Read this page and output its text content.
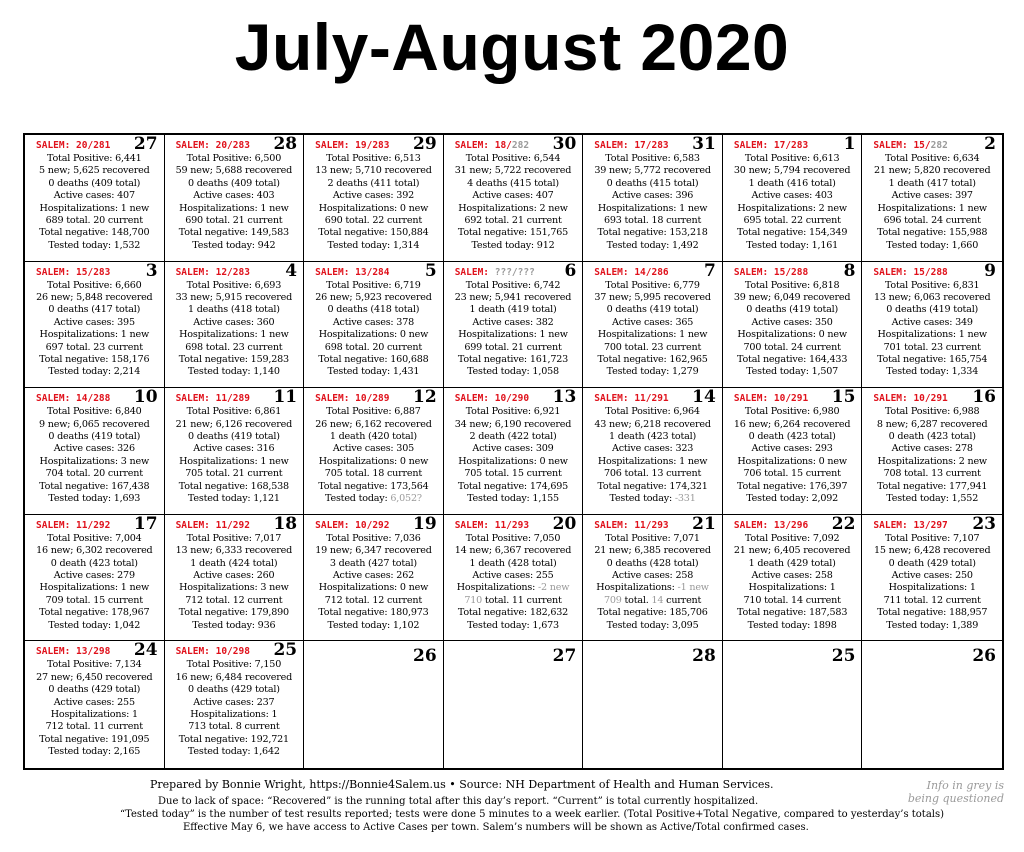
July-August 2020
SALEM: 20/281 27
Total Positive: 6,441
5 new; 5,625 recovered
0 deaths (409 total)
Active cases: 407
Hospitalizations: 1 new
689 total. 20 current
Total negative: 148,700
Tested today: 1,532
SALEM: 20/283 28
Total Positive: 6,500
59 new; 5,688 recovered
0 deaths (409 total)
Active cases: 403
Hospitalizations: 1 new
690 total. 21 current
Total negative: 149,583
Tested today: 942
SALEM: 19/283 29
Total Positive: 6,513
13 new; 5,710 recovered
2 deaths (411 total)
Active cases: 392
Hospitalizations: 0 new
690 total. 22 current
Total negative: 150,884
Tested today: 1,314
SALEM: 18/282 30
Total Positive: 6,544
31 new; 5,722 recovered
4 deaths (415 total)
Active cases: 407
Hospitalizations: 2 new
692 total. 21 current
Total negative: 151,765
Tested today: 912
SALEM: 17/283 31
Total Positive: 6,583
39 new; 5,772 recovered
0 deaths (415 total)
Active cases: 396
Hospitalizations: 1 new
693 total. 18 current
Total negative: 153,218
Tested today: 1,492
SALEM: 17/283 1
Total Positive: 6,613
30 new; 5,794 recovered
1 death (416 total)
Active cases: 403
Hospitalizations: 2 new
695 total. 22 current
Total negative: 154,349
Tested today: 1,161
SALEM: 15/282 2
Total Positive: 6,634
21 new; 5,820 recovered
1 death (417 total)
Active cases: 397
Hospitalizations: 1 new
696 total. 24 current
Total negative: 155,988
Tested today: 1,660
SALEM: 15/283 3
Total Positive: 6,660
26 new; 5,848 recovered
0 deaths (417 total)
Active cases: 395
Hospitalizations: 1 new
697 total. 23 current
Total negative: 158,176
Tested today: 2,214
SALEM: 12/283 4
Total Positive: 6,693
33 new; 5,915 recovered
1 deaths (418 total)
Active cases: 360
Hospitalizations: 1 new
698 total. 23 current
Total negative: 159,283
Tested today: 1,140
SALEM: 13/284 5
Total Positive: 6,719
26 new; 5,923 recovered
0 deaths (418 total)
Active cases: 378
Hospitalizations: 0 new
698 total. 20 current
Total negative: 160,688
Tested today: 1,431
SALEM: ???/??? 6
Total Positive: 6,742
23 new; 5,941 recovered
1 death (419 total)
Active cases: 382
Hospitalizations: 1 new
699 total. 21 current
Total negative: 161,723
Tested today: 1,058
SALEM: 14/286 7
Total Positive: 6,779
37 new; 5,995 recovered
0 deaths (419 total)
Active cases: 365
Hospitalizations: 1 new
700 total. 23 current
Total negative: 162,965
Tested today: 1,279
SALEM: 15/288 8
Total Positive: 6,818
39 new; 6,049 recovered
0 deaths (419 total)
Active cases: 350
Hospitalizations: 0 new
700 total. 24 current
Total negative: 164,433
Tested today: 1,507
SALEM: 15/288 9
Total Positive: 6,831
13 new; 6,063 recovered
0 deaths (419 total)
Active cases: 349
Hospitalizations: 1 new
701 total. 23 current
Total negative: 165,754
Tested today: 1,334
SALEM: 14/288 10
Total Positive: 6,840
9 new; 6,065 recovered
0 deaths (419 total)
Active cases: 326
Hospitalizations: 3 new
704 total. 20 current
Total negative: 167,438
Tested today: 1,693
SALEM: 11/289 11
Total Positive: 6,861
21 new; 6,126 recovered
0 deaths (419 total)
Active cases: 316
Hospitalizations: 1 new
705 total. 21 current
Total negative: 168,538
Tested today: 1,121
SALEM: 10/289 12
Total Positive: 6,887
26 new; 6,162 recovered
1 death (420 total)
Active cases: 305
Hospitalizations: 0 new
705 total. 18 current
Total negative: 173,564
Tested today: 6,052?
SALEM: 10/290 13
Total Positive: 6,921
34 new; 6,190 recovered
2 death (422 total)
Active cases: 309
Hospitalizations: 0 new
705 total. 15 current
Total negative: 174,695
Tested today: 1,155
SALEM: 11/291 14
Total Positive: 6,964
43 new; 6,218 recovered
1 death (423 total)
Active cases: 323
Hospitalizations: 1 new
706 total. 13 current
Total negative: 174,321
Tested today: -331
SALEM: 10/291 15
Total Positive: 6,980
16 new; 6,264 recovered
0 death (423 total)
Active cases: 293
Hospitalizations: 0 new
706 total. 15 current
Total negative: 176,397
Tested today: 2,092
SALEM: 10/291 16
Total Positive: 6,988
8 new; 6,287 recovered
0 death (423 total)
Active cases: 278
Hospitalizations: 2 new
708 total. 13 current
Total negative: 177,941
Tested today: 1,552
SALEM: 11/292 17
Total Positive: 7,004
16 new; 6,302 recovered
0 death (423 total)
Active cases: 279
Hospitalizations: 1 new
709 total. 15 current
Total negative: 178,967
Tested today: 1,042
SALEM: 11/292 18
Total Positive: 7,017
13 new; 6,333 recovered
1 death (424 total)
Active cases: 260
Hospitalizations: 3 new
712 total. 12 current
Total negative: 179,890
Tested today: 936
SALEM: 10/292 19
Total Positive: 7,036
19 new; 6,347 recovered
3 death (427 total)
Active cases: 262
Hospitalizations: 0 new
712 total. 12 current
Total negative: 180,973
Tested today: 1,102
SALEM: 11/293 20
Total Positive: 7,050
14 new; 6,367 recovered
1 death (428 total)
Active cases: 255
Hospitalizations: -2 new
710 total. 11 current
Total negative: 182,632
Tested today: 1,673
SALEM: 11/293 21
Total Positive: 7,071
21 new; 6,385 recovered
0 deaths (428 total)
Active cases: 258
Hospitalizations: -1 new
709 total. 14 current
Total negative: 185,706
Tested today: 3,095
SALEM: 13/296 22
Total Positive: 7,092
21 new; 6,405 recovered
1 death (429 total)
Active cases: 258
Hospitalizations: 1
710 total. 14 current
Total negative: 187,583
Tested today: 1898
SALEM: 13/297 23
Total Positive: 7,107
15 new; 6,428 recovered
0 death (429 total)
Active cases: 250
Hospitalizations: 1
711 total. 12 current
Total negative: 188,957
Tested today: 1,389
SALEM: 13/298 24
Total Positive: 7,134
27 new; 6,450 recovered
0 deaths (429 total)
Active cases: 255
Hospitalizations: 1
712 total. 11 current
Total negative: 191,095
Tested today: 2,165
SALEM: 10/298 25
Total Positive: 7,150
16 new; 6,484 recovered
0 deaths (429 total)
Active cases: 237
Hospitalizations: 1
713 total. 8 current
Total negative: 192,721
Tested today: 1,642
26	27	28	25	26
Prepared by Bonnie Wright, https://Bonnie4Salem.us • Source: NH Department of Health and Human Services.
Due to lack of space: “Recovered” is the running total after this day’s report. “Current” is total currently hospitalized.
“Tested today” is the number of test results reported; tests were done 5 minutes to a week earlier. (Total Positive+Total Negative, compared to yesterday’s totals)
Effective May 6, we have access to Active Cases per town. Salem’s numbers will be shown as Active/Total confirmed cases.
Info in grey is being questioned
